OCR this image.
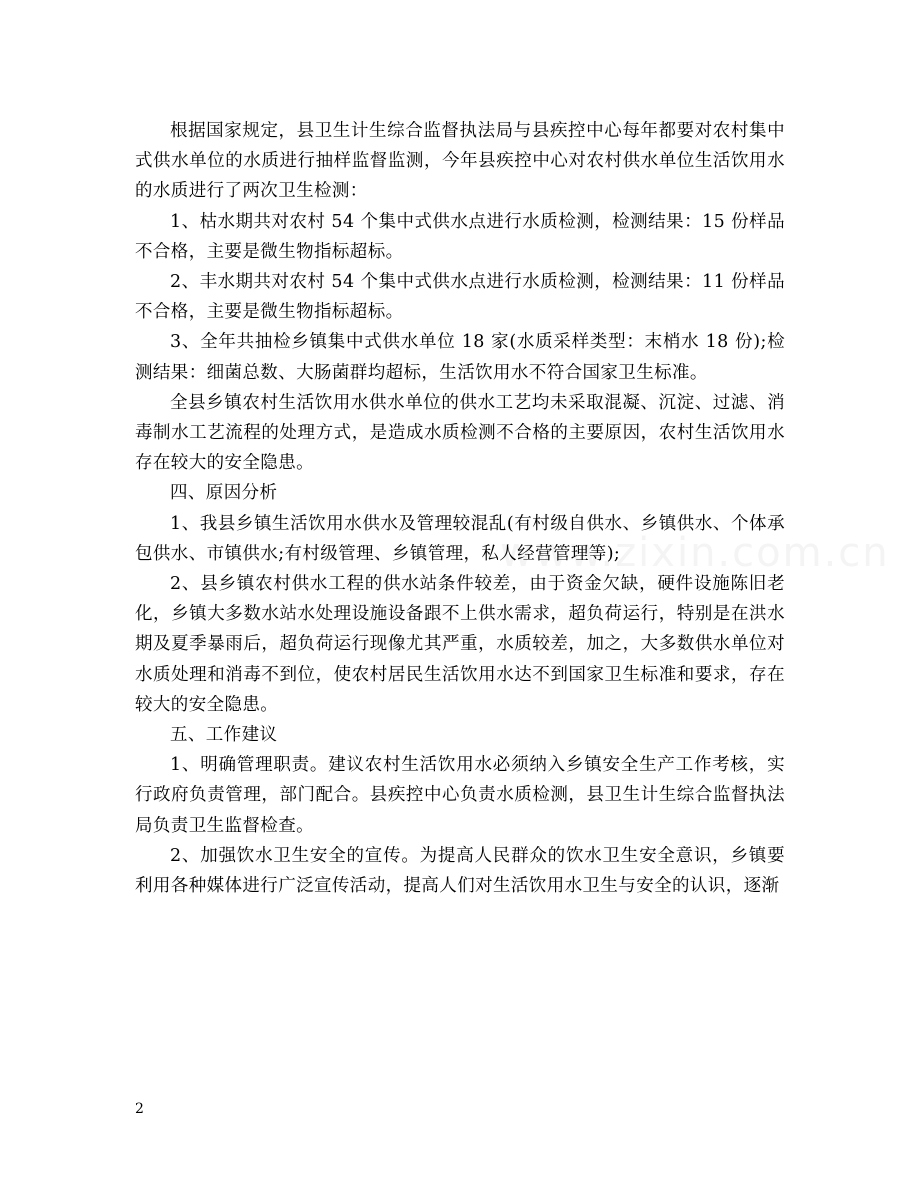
www.zixin.com.cn

根据国家规定，县卫生计生综合监督执法局与县疾控中心每年都要对农村集中式供水单位的水质进行抽样监督监测，今年县疾控中心对农村供水单位生活饮用水的水质进行了两次卫生检测：

1、枯水期共对农村 54 个集中式供水点进行水质检测，检测结果：15 份样品不合格，主要是微生物指标超标。

2、丰水期共对农村 54 个集中式供水点进行水质检测，检测结果：11 份样品不合格，主要是微生物指标超标。

3、全年共抽检乡镇集中式供水单位 18 家(水质采样类型：末梢水 18 份);检测结果：细菌总数、大肠菌群均超标，生活饮用水不符合国家卫生标准。

全县乡镇农村生活饮用水供水单位的供水工艺均未采取混凝、沉淀、过滤、消毒制水工艺流程的处理方式，是造成水质检测不合格的主要原因，农村生活饮用水存在较大的安全隐患。

四、原因分析

1、我县乡镇生活饮用水供水及管理较混乱(有村级自供水、乡镇供水、个体承包供水、市镇供水;有村级管理、乡镇管理，私人经营管理等);

2、县乡镇农村供水工程的供水站条件较差，由于资金欠缺，硬件设施陈旧老化，乡镇大多数水站水处理设施设备跟不上供水需求，超负荷运行，特别是在洪水期及夏季暴雨后，超负荷运行现像尤其严重，水质较差，加之，大多数供水单位对水质处理和消毒不到位，使农村居民生活饮用水达不到国家卫生标准和要求，存在较大的安全隐患。

五、工作建议

1、明确管理职责。建议农村生活饮用水必须纳入乡镇安全生产工作考核，实行政府负责管理，部门配合。县疾控中心负责水质检测，县卫生计生综合监督执法局负责卫生监督检查。

2、加强饮水卫生安全的宣传。为提高人民群众的饮水卫生安全意识，乡镇要利用各种媒体进行广泛宣传活动，提高人们对生活饮用水卫生与安全的认识，逐渐

2
